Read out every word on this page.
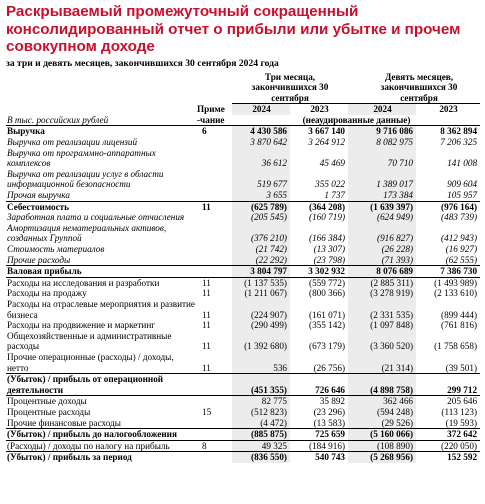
Раскрываемый промежуточный сокращенный консолидированный отчет о прибыли или убытке и прочем совокупном доходе
за три и девять месяцев, закончившихся 30 сентября 2024 года
		Три месяца, закончившихся 30 сентября		Девять месяцев, закончившихся 30 сентября	
В тыс. российских рублей	Приме -чание	2024	2023	2024	2023
		(неаудированные данные)			
Выручка	6	4 430 586	3 667 140	9 716 086	8 362 894
Выручка от реализации лицензий		3 870 642	3 264 912	8 082 975	7 206 325
Выручка от программно-аппаратных комплексов		36 612	45 469	70 710	141 008
Выручка от реализации услуг в области информационной безопасности		519 677	355 022	1 389 017	909 604
Прочая выручка		3 655	1 737	173 384	105 957
Себестоимость	11	(625 789)	(364 208)	(1 639 397)	(976 164)
Заработная плата и социальные отчисления		(205 545)	(160 719)	(624 949)	(483 739)
Амортизация нематериальных активов, созданных Группой		(376 210)	(166 384)	(916 827)	(412 943)
Стоимость материалов		(21 742)	(13 307)	(26 228)	(16 927)
Прочие расходы		(22 292)	(23 798)	(71 393)	(62 555)
Валовая прибыль		3 804 797	3 302 932	8 076 689	7 386 730
Расходы на исследования и разработки	11	(1 137 535)	(559 772)	(2 885 311)	(1 493 989)
Расходы на продажу	11	(1 211 067)	(800 366)	(3 278 919)	(2 133 610)
Расходы на отраслевые мероприятия и развитие бизнеса	11	(224 907)	(161 071)	(2 331 535)	(899 444)
Расходы на продвижение и маркетинг	11	(290 499)	(355 142)	(1 097 848)	(761 816)
Общехозяйственные и административные расходы	11	(1 392 680)	(673 179)	(3 360 520)	(1 758 658)
Прочие операционные (расходы) / доходы, нетто	11	536	(26 756)	(21 314)	(39 501)
(Убыток) / прибыль от операционной деятельности		(451 355)	726 646	(4 898 758)	299 712
Процентные доходы		82 775	35 892	362 466	205 646
Процентные расходы	15	(512 823)	(23 296)	(594 248)	(113 123)
Прочие финансовые расходы		(4 472)	(13 583)	(29 526)	(19 593)
(Убыток) / прибыль до налогообложения		(885 875)	725 659	(5 160 066)	372 642
(Расходы) / доходы по налогу на прибыль	8	49 325	(184 916)	(108 890)	(220 050)
(Убыток) / прибыль за период		(836 550)	540 743	(5 268 956)	152 592
